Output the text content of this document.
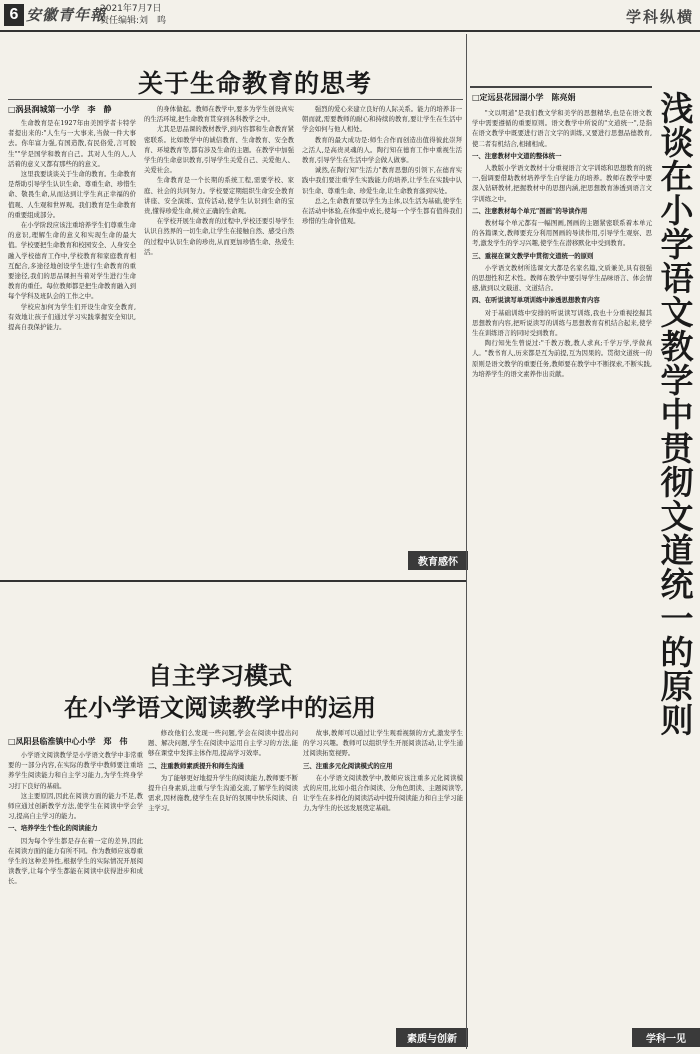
6 安徽青年報
2021年7月7日
责任编辑:刘　鸣	学科纵横
关于生命教育的思考
□涡县润城第一小学　李　静

生命教育是在1927年由美国学者卡特学者提出来的:"人生与一大事来,当做一件大事去。你年富力强,有国造散,有民俗爱,言可脱生""学是国学和教育自己。其对人生的人,人活着的意义又都有那些的的意义。

这里我要谈谈关于生命的教育。生命教育是帮助引导学生认识生命、尊重生命、珍惜生命、敬畏生命,从而达到让学生真正幸福的价值观、人生观和世界观。我们教育是生命教育的重要组成部分。

在小学阶段应该注重培养学生们尊重生命的意识,理解生命的意义和实现生命的最大值。学校要把生命教育和校园安全、人身安全融入学校德育工作中,学校教育和家庭教育相互配合,多途径地创设学生进行生命教育的重要途径,我们的思品课担当着对学生进行生命教育的重任。每位教师都是把生命教育融入到每个学科及班队会的工作之中。

学校应加何为学生们开设生命安全教育,有效地让孩子们通过学习实践掌握安全知识,提高自我保护能力。

的身体做起。教师在教学中,要多为学生创设真实的生活环境,把生命教育贯穿到各科教学之中。

尤其是思品课的教材教学,到内容都和生命教育紧密联系。比如教学中的诚信教育、生命教育、安全教育、环境教育等,都有涉及生命的主题。在教学中加强学生的生命意识教育,引导学生关爱自己、关爱他人、关爱社会。

生命教育是一个长期的系统工程,需要学校、家庭、社会的共同努力。学校要定期组织生命安全教育讲座、安全演练、宣传活动,使学生认识到生命的宝贵,懂得珍爱生命,树立正确的生命观。

在学校开展生命教育的过程中,学校还要引导学生认识自然界的一切生命,让学生在接触自然、感受自然的过程中认识生命的珍贵,从而更加珍惜生命、热爱生活。

强烈的爱心来建立良好的人际关系。能力的培养非一朝而就,需要教师的耐心和持续的教育,要让学生在生活中学会如何与他人相处。

教育的最大成功是:师生合作而创造出值得彼此崇拜之活人,是高贵灵魂的人。陶行知在德育工作中重视生活教育,引导学生在生活中学会做人做事。

诚然,在陶行知"生活力"教育思想的引领下,在德育实践中我们要注重学生实践能力的培养,让学生在实践中认识生命、尊重生命、珍爱生命,让生命教育落到实处。

总之,生命教育要以学生为主体,以生活为基础,使学生在活动中体验,在体验中成长,使每一个学生都有值得我们珍惜的生命价值观。

教育感怀
自主学习模式
在小学语文阅读教学中的运用
□凤阳县临淮镇中心小学　郑　伟

小学语文阅读教学是小学语文教学中非常重要的一部分内容,在实际的教学中教师要注重培养学生阅读能力和自主学习能力,为学生终身学习打下良好的基础。

这主要原因,因此在阅读方面的能力不足,教师应通过创新教学方法,使学生在阅读中学会学习,提高自主学习的能力。

一、培养学生个性化的阅读能力

因为每个学生都是存在着一定的差异,因此在阅读方面的能力有所不同。作为教师应该尊重学生的这种差异性,根据学生的实际情况开展阅读教学,让每个学生都能在阅读中获得进步和成长。

修改他们么发现一些问题,学会在阅读中提出问题、解决问题,学生在阅读中运用自主学习的方法,能够在课堂中发挥主体作用,提高学习效率。

二、注重教师素质提升和师生沟通

为了能够更好地提升学生的阅读能力,教师要不断提升自身素质,注重与学生沟通交流,了解学生的阅读需求,因材施教,使学生在良好的氛围中快乐阅读、自主学习。

故事,教师可以通过让学生观看视频的方式,激发学生的学习兴趣。教师可以组织学生开展阅读活动,让学生通过阅读拓宽视野。

三、注重多元化阅读模式的应用

在小学语文阅读教学中,教师应该注重多元化阅读模式的应用,比如小组合作阅读、分角色朗读、主题阅读等,让学生在多样化的阅读活动中提升阅读能力和自主学习能力,为学生的长远发展奠定基础。

素质与创新
□定远县花园湖小学　陈亮娟	浅谈在小学语文教学中贯彻文道统一的原则

"文以明道"是我们教文学和美学的思想精华,也是在语文教学中需要遵循的重要原则。语文教学中所说的"文道统一",是指在语文教学中既要进行语言文字的训练,又要进行思想品德教育,使二者有机结合,相辅相成。

一、注意教材中文道的整体统一

人教版小学语文教材十分重视语言文字训练和思想教育的统一,强调要借助教材培养学生自学能力的培养。教师在教学中要深入钻研教材,把握教材中的思想内涵,把思想教育渗透到语言文字训练之中。

二、注意教材每个单元"图画"的导读作用

教材每个单元都有一幅图画,图画的主题紧密联系着本单元的各篇课文,教师要充分利用图画的导读作用,引导学生观察、思考,激发学生的学习兴趣,使学生在潜移默化中受到教育。

三、重视在课文教学中贯彻文道统一的原则

小学语文教材所选课文大都是名家名篇,文质兼美,具有很强的思想性和艺术性。教师在教学中要引导学生品味语言、体会情感,做到以文载道、文道结合。

四、在听说读写单项训练中渗透思想教育内容

对于基础训练中安排的听说读写训练,我也十分重视挖掘其思想教育内容,把听说读写的训练与思想教育有机结合起来,使学生在训练语言的同时受到教育。

陶行知先生曾说过:"千教万教,教人求真;千学万学,学做真人。"教书育人,历来都是互为前提,互为因果的。贯彻文道统一的原则是语文教学的重要任务,教师要在教学中不断探索,不断实践,为培养学生的语文素养作出贡献。

学科一见
